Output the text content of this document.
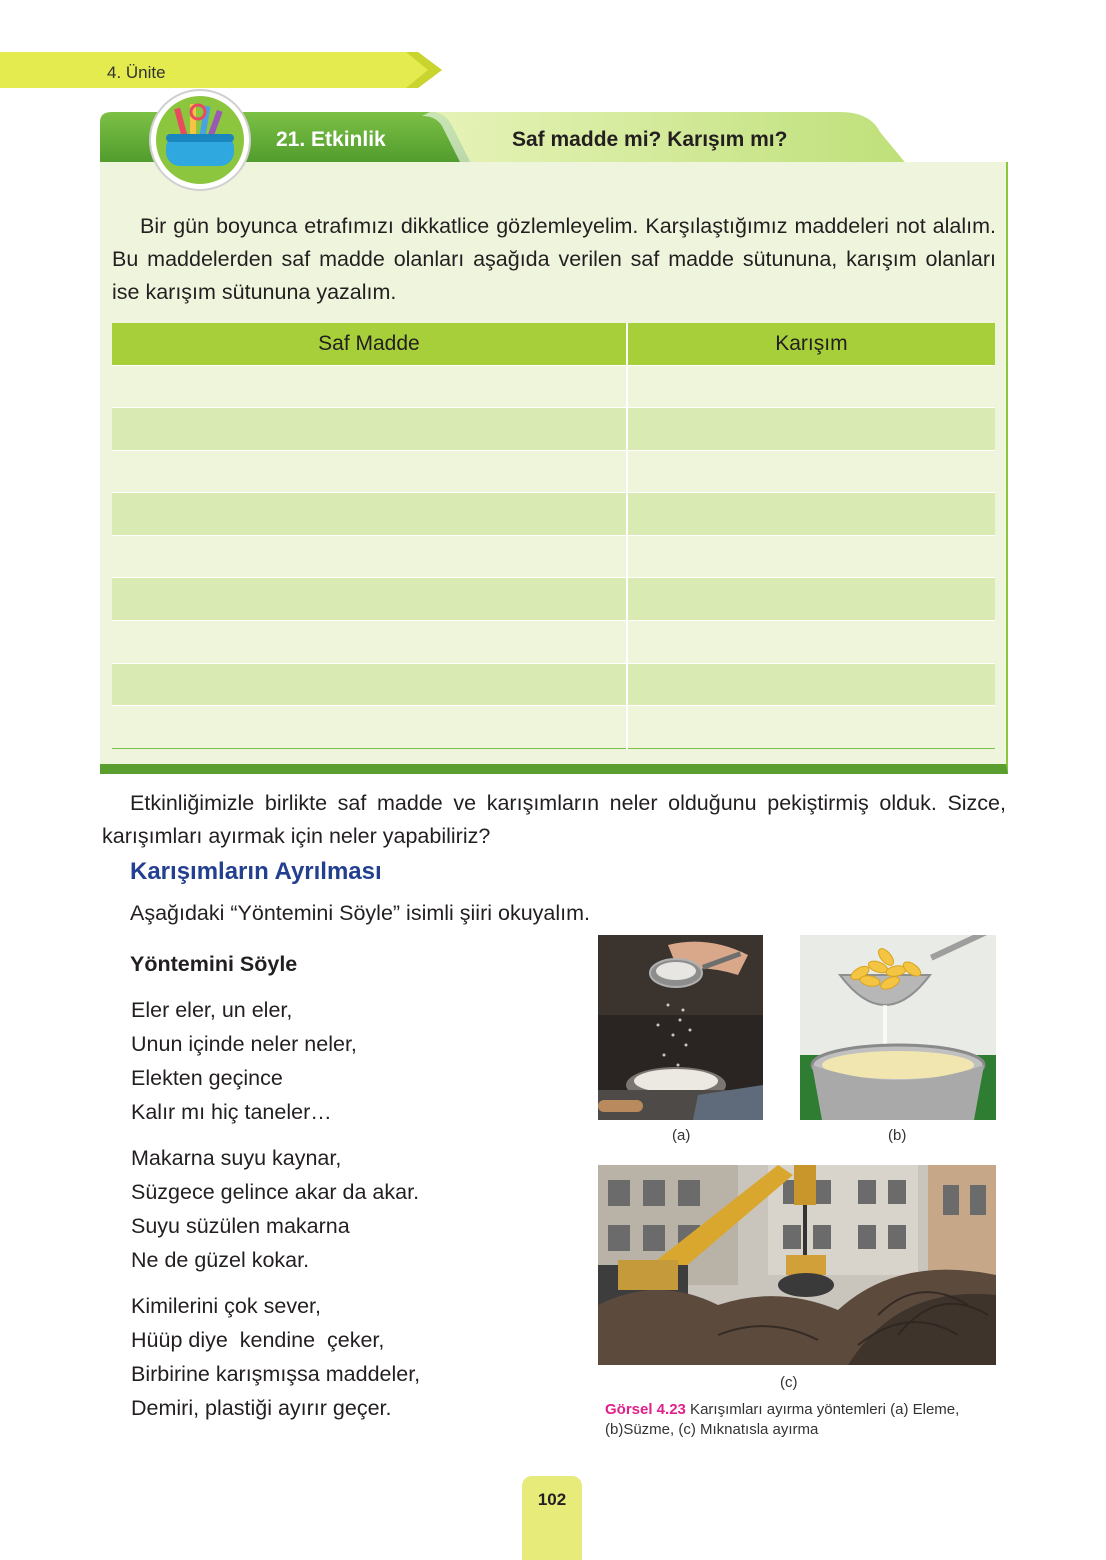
4. Ünite
21. Etkinlik	Saf madde mi? Karışım mı?
Bir gün boyunca etrafımızı dikkatlice gözlemleyelim. Karşılaştığımız maddeleri not alalım. Bu maddelerden saf madde olanları aşağıda verilen saf madde sütununa, karışım olanları ise karışım sütununa yazalım.
Saf Madde	Karışım

Etkinliğimizle birlikte saf madde ve karışımların neler olduğunu pekiştirmiş olduk. Sizce, karışımları ayırmak için neler yapabiliriz?
Karışımların Ayrılması
Aşağıdaki “Yöntemini Söyle” isimli şiiri okuyalım.
Yöntemini Söyle
Eler eler, un eler,
Unun içinde neler neler,
Elekten geçince
Kalır mı hiç taneler…
Makarna suyu kaynar,
Süzgece gelince akar da akar.
Suyu süzülen makarna
Ne de güzel kokar.
Kimilerini çok sever,
Hüüp diye  kendine  çeker,
Birbirine karışmışsa maddeler,
Demiri, plastiği ayırır geçer.
(a)	(b)
(c)
Görsel 4.23 Karışımları ayırma yöntemleri (a) Eleme, (b)Süzme, (c) Mıknatısla ayırma
102
